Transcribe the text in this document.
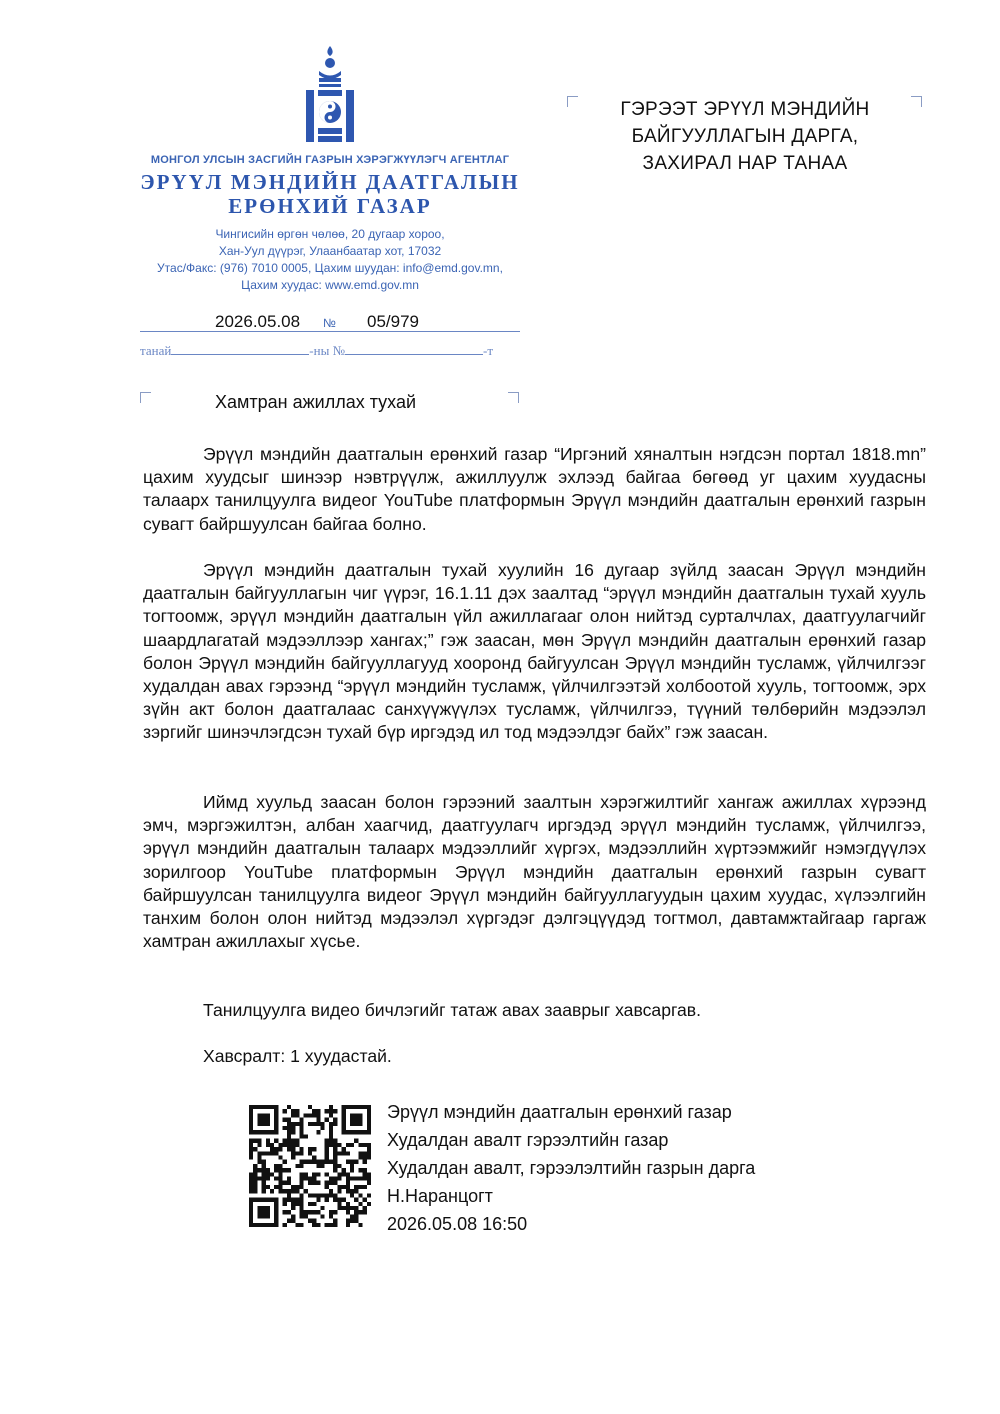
МОНГОЛ УЛСЫН ЗАСГИЙН ГАЗРЫН ХЭРЭГЖҮҮЛЭГЧ АГЕНТЛАГ
ЭРҮҮЛ МЭНДИЙН ДААТГАЛЫН
ЕРӨНХИЙ ГАЗАР
Чингисийн өргөн чөлөө, 20 дугаар хороо,
Хан-Уул дүүрэг, Улаанбаатар хот, 17032
Утас/Факс: (976) 7010 0005, Цахим шуудан: info@emd.gov.mn,
Цахим хуудас: www.emd.gov.mn
2026.05.08 № 05/979
танай	-ны №	-т
ГЭРЭЭТ ЭРҮҮЛ МЭНДИЙН
БАЙГУУЛЛАГЫН ДАРГА,
ЗАХИРАЛ НАР ТАНАА
Хамтран ажиллах тухай

Эрүүл мэндийн даатгалын ерөнхий газар “Иргэний хяналтын нэгдсэн портал 1818.mn” цахим хуудсыг шинээр нэвтрүүлж, ажиллуулж эхлээд байгаа бөгөөд уг цахим хуудасны талаарх танилцуулга видеог YouTube платформын Эрүүл мэндийн даатгалын ерөнхий газрын сувагт байршуулсан байгаа болно.

Эрүүл мэндийн даатгалын тухай хуулийн 16 дугаар зүйлд заасан Эрүүл мэндийн даатгалын байгууллагын чиг үүрэг, 16.1.11 дэх заалтад “эрүүл мэндийн даатгалын тухай хууль тогтоомж, эрүүл мэндийн даатгалын үйл ажиллагааг олон нийтэд сурталчлах, даатгуулагчийг шаардлагатай мэдээллээр хангах;” гэж заасан, мөн Эрүүл мэндийн даатгалын ерөнхий газар болон Эрүүл мэндийн байгууллагууд хооронд байгуулсан Эрүүл мэндийн тусламж, үйлчилгээг худалдан авах гэрээнд “эрүүл мэндийн тусламж, үйлчилгээтэй холбоотой хууль, тогтоомж, эрх зүйн акт болон даатгалаас санхүүжүүлэх тусламж, үйлчилгээ, түүний төлбөрийн мэдээлэл зэргийг шинэчлэгдсэн тухай бүр иргэдэд ил тод мэдээлдэг байх” гэж заасан.

Иймд хуульд заасан болон гэрээний заалтын хэрэгжилтийг хангаж ажиллах хүрээнд эмч, мэргэжилтэн, албан хаагчид, даатгуулагч иргэдэд эрүүл мэндийн тусламж, үйлчилгээ, эрүүл мэндийн даатгалын талаарх мэдээллийг хүргэх, мэдээллийн хүртээмжийг нэмэгдүүлэх зорилгоор YouTube платформын Эрүүл мэндийн даатгалын ерөнхий газрын сувагт байршуулсан танилцуулга видеог Эрүүл мэндийн байгууллагуудын цахим хуудас, хүлээлгийн танхим болон олон нийтэд мэдээлэл хүргэдэг дэлгэцүүдэд тогтмол, давтамжтайгаар гаргаж хамтран ажиллахыг хүсье.

Танилцуулга видео бичлэгийг татаж авах зааврыг хавсаргав.
Хавсралт: 1 хуудастай.
Эрүүл мэндийн даатгалын ерөнхий газар
Худалдан авалт гэрээлтийн газар
Худалдан авалт, гэрээлэлтийн газрын дарга
Н.Наранцогт
2026.05.08 16:50
